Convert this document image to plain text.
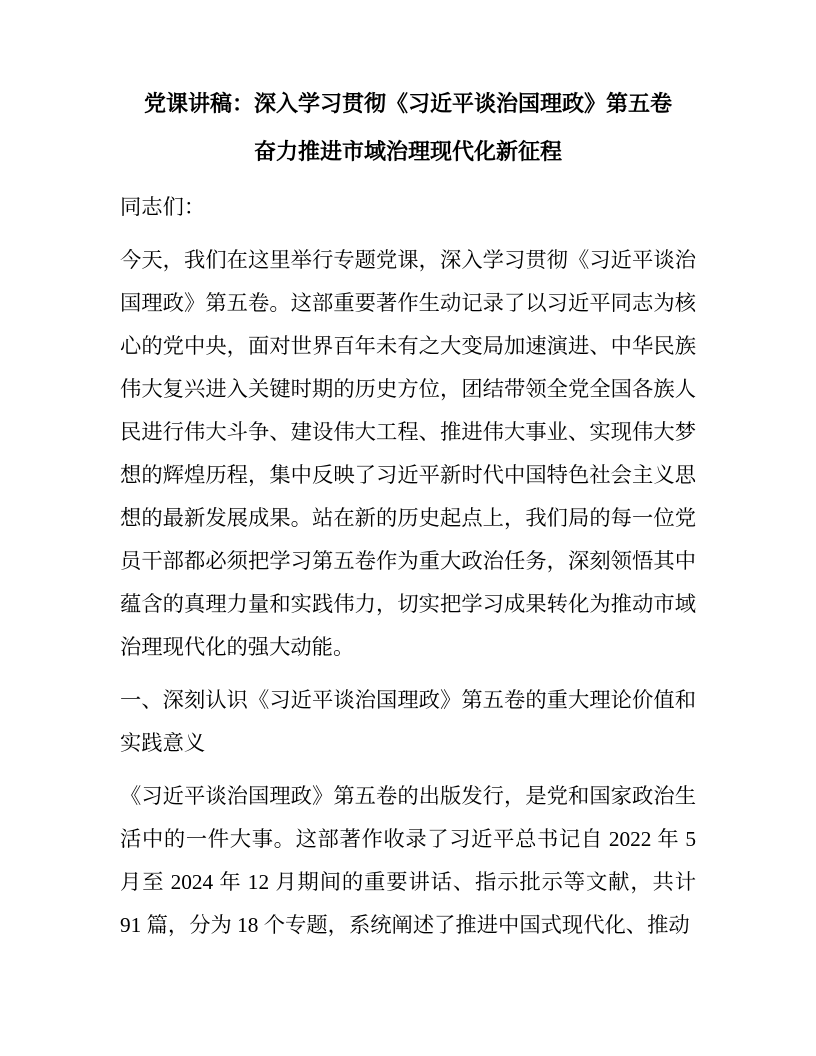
党课讲稿：深入学习贯彻《习近平谈治国理政》第五卷
奋力推进市域治理现代化新征程

同志们：

今天，我们在这里举行专题党课，深入学习贯彻《习近平谈治国理政》第五卷。这部重要著作生动记录了以习近平同志为核心的党中央，面对世界百年未有之大变局加速演进、中华民族伟大复兴进入关键时期的历史方位，团结带领全党全国各族人民进行伟大斗争、建设伟大工程、推进伟大事业、实现伟大梦想的辉煌历程，集中反映了习近平新时代中国特色社会主义思想的最新发展成果。站在新的历史起点上，我们局的每一位党员干部都必须把学习第五卷作为重大政治任务，深刻领悟其中蕴含的真理力量和实践伟力，切实把学习成果转化为推动市域治理现代化的强大动能。

一、深刻认识《习近平谈治国理政》第五卷的重大理论价值和实践意义

《习近平谈治国理政》第五卷的出版发行，是党和国家政治生活中的一件大事。这部著作收录了习近平总书记自 2022 年 5 月至 2024 年 12 月期间的重要讲话、指示批示等文献，共计 91 篇，分为 18 个专题，系统阐述了推进中国式现代化、推动
